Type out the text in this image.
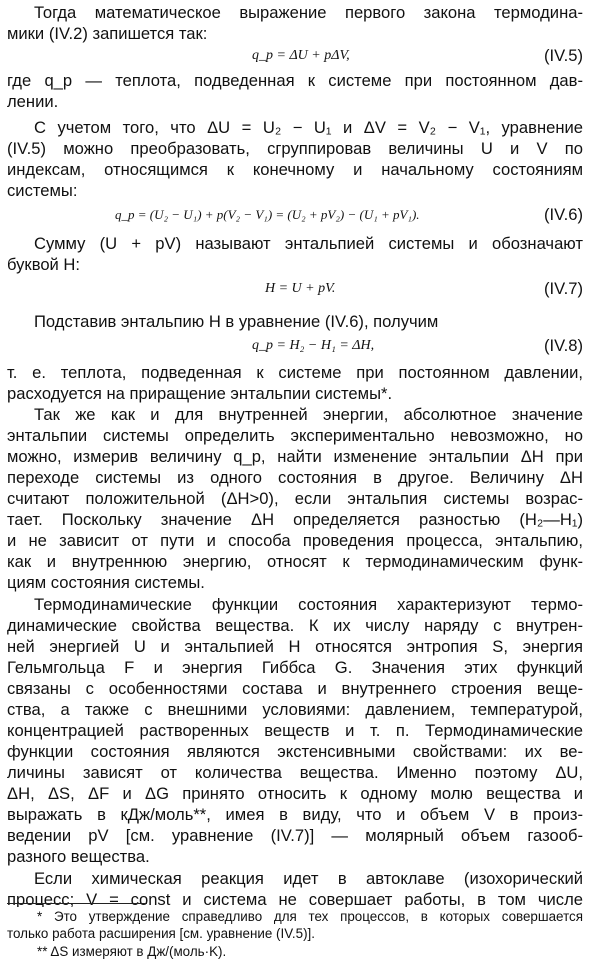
Тогда математическое выражение первого закона термодина-
мики (IV.2) запишется так:
q_p = ΔU + pΔV,	(IV.5)
где q_p — теплота, подведенная к системе при постоянном дав-
лении.
С учетом того, что ΔU = U₂ − U₁ и ΔV = V₂ − V₁, уравнение
(IV.5) можно преобразовать, сгруппировав величины U и V по
индексам, относящимся к конечному и начальному состояниям
системы:
q_p = (U₂ − U₁) + p(V₂ − V₁) = (U₂ + pV₂) − (U₁ + pV₁).	(IV.6)
Сумму (U + pV) называют энтальпией системы и обозначают
буквой H:
H = U + pV.	(IV.7)
Подставив энтальпию H в уравнение (IV.6), получим
q_p = H₂ − H₁ = ΔH,	(IV.8)
т. е. теплота, подведенная к системе при постоянном давлении,
расходуется на приращение энтальпии системы*.
Так же как и для внутренней энергии, абсолютное значение
энтальпии системы определить экспериментально невозможно, но
можно, измерив величину q_p, найти изменение энтальпии ΔH при
переходе системы из одного состояния в другое. Величину ΔH
считают положительной (ΔH>0), если энтальпия системы возрас-
тает. Поскольку значение ΔH определяется разностью (H₂—H₁)
и не зависит от пути и способа проведения процесса, энтальпию,
как и внутреннюю энергию, относят к термодинамическим функ-
циям состояния системы.
Термодинамические функции состояния характеризуют термо-
динамические свойства вещества. К их числу наряду с внутрен-
ней энергией U и энтальпией H относятся энтропия S, энергия
Гельмгольца F и энергия Гиббса G. Значения этих функций
связаны с особенностями состава и внутреннего строения веще-
ства, а также с внешними условиями: давлением, температурой,
концентрацией растворенных веществ и т. п. Термодинамические
функции состояния являются экстенсивными свойствами: их ве-
личины зависят от количества вещества. Именно поэтому ΔU,
ΔH, ΔS, ΔF и ΔG принято относить к одному молю вещества и
выражать в кДж/моль**, имея в виду, что и объем V в произ-
ведении pV [см. уравнение (IV.7)] — молярный объем газооб-
разного вещества.
Если химическая реакция идет в автоклаве (изохорический
процесс; V = const и система не совершает работы, в том числе
* Это утверждение справедливо для тех процессов, в которых совершается
только работа расширения [см. уравнение (IV.5)].
** ΔS измеряют в Дж/(моль·K).
